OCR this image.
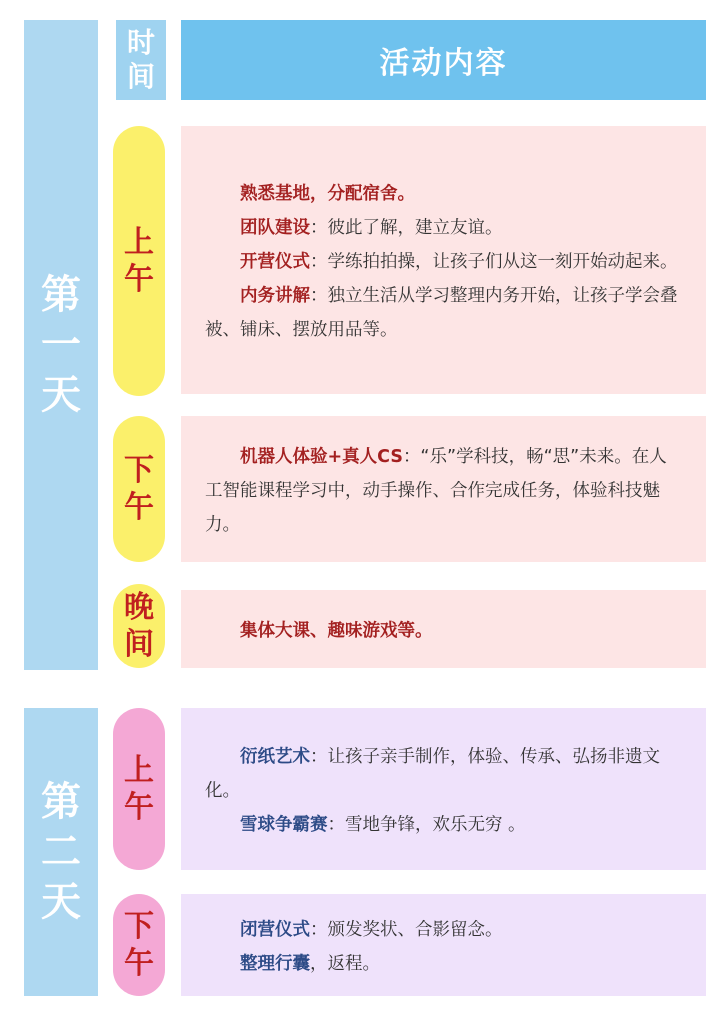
第
一
天
时
间	活动内容
上
午

熟悉基地，分配宿舍。

团队建设：彼此了解，建立友谊。

开营仪式：学练拍拍操，让孩子们从这一刻开始动起来。

内务讲解：独立生活从学习整理内务开始，让孩子学会叠被、铺床、摆放用品等。

下
午

机器人体验+真人CS：“乐”学科技，畅“思”未来。在人工智能课程学习中，动手操作、合作完成任务，体验科技魅力。

晚
间	集体大课、趣味游戏等。

第
二
天
上
午

衍纸艺术：让孩子亲手制作，体验、传承、弘扬非遗文化。

雪球争霸赛：雪地争锋，欢乐无穷 。

下
午

闭营仪式：颁发奖状、合影留念。

整理行囊，返程。
